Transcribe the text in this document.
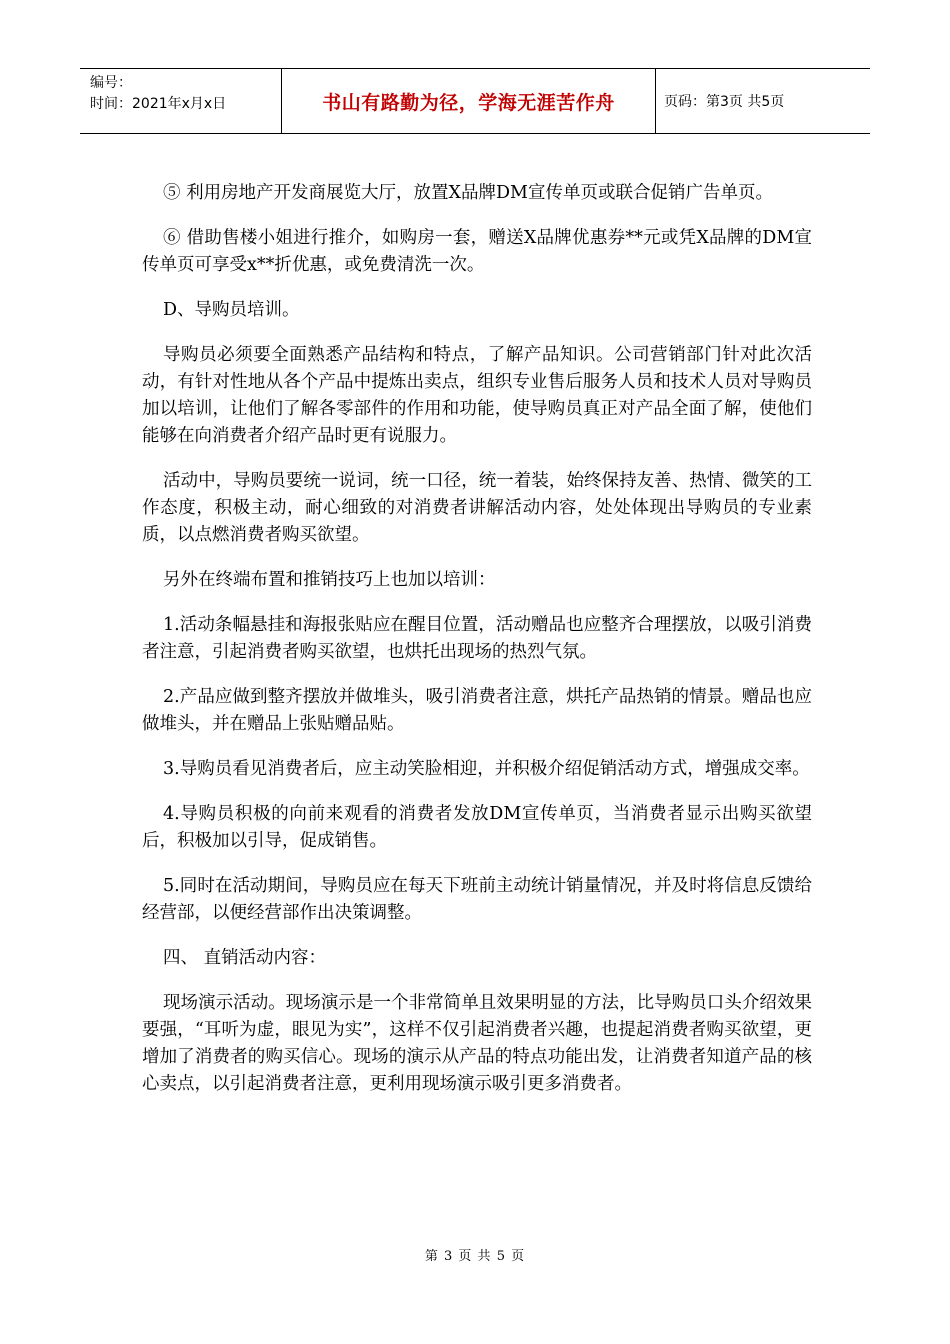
编号：
时间：2021年x月x日	书山有路勤为径，学海无涯苦作舟	页码：第3页 共5页

⑤ 利用房地产开发商展览大厅，放置X品牌DM宣传单页或联合促销广告单页。

⑥ 借助售楼小姐进行推介，如购房一套，赠送X品牌优惠券**元或凭X品牌的DM宣传单页可享受x**折优惠，或免费清洗一次。

D、导购员培训。

导购员必须要全面熟悉产品结构和特点，了解产品知识。公司营销部门针对此次活动，有针对性地从各个产品中提炼出卖点，组织专业售后服务人员和技术人员对导购员加以培训，让他们了解各零部件的作用和功能，使导购员真正对产品全面了解，使他们能够在向消费者介绍产品时更有说服力。

活动中，导购员要统一说词，统一口径，统一着装，始终保持友善、热情、微笑的工作态度，积极主动，耐心细致的对消费者讲解活动内容，处处体现出导购员的专业素质，以点燃消费者购买欲望。

另外在终端布置和推销技巧上也加以培训：

1.活动条幅悬挂和海报张贴应在醒目位置，活动赠品也应整齐合理摆放，以吸引消费者注意，引起消费者购买欲望，也烘托出现场的热烈气氛。

2.产品应做到整齐摆放并做堆头，吸引消费者注意，烘托产品热销的情景。赠品也应做堆头，并在赠品上张贴赠品贴。

3.导购员看见消费者后，应主动笑脸相迎，并积极介绍促销活动方式，增强成交率。

4.导购员积极的向前来观看的消费者发放DM宣传单页，当消费者显示出购买欲望后，积极加以引导，促成销售。

5.同时在活动期间，导购员应在每天下班前主动统计销量情况，并及时将信息反馈给经营部，以便经营部作出决策调整。

四、 直销活动内容：

现场演示活动。现场演示是一个非常简单且效果明显的方法，比导购员口头介绍效果要强，“耳听为虚，眼见为实”，这样不仅引起消费者兴趣，也提起消费者购买欲望，更增加了消费者的购买信心。现场的演示从产品的特点功能出发，让消费者知道产品的核心卖点，以引起消费者注意，更利用现场演示吸引更多消费者。

第 3 页 共 5 页
